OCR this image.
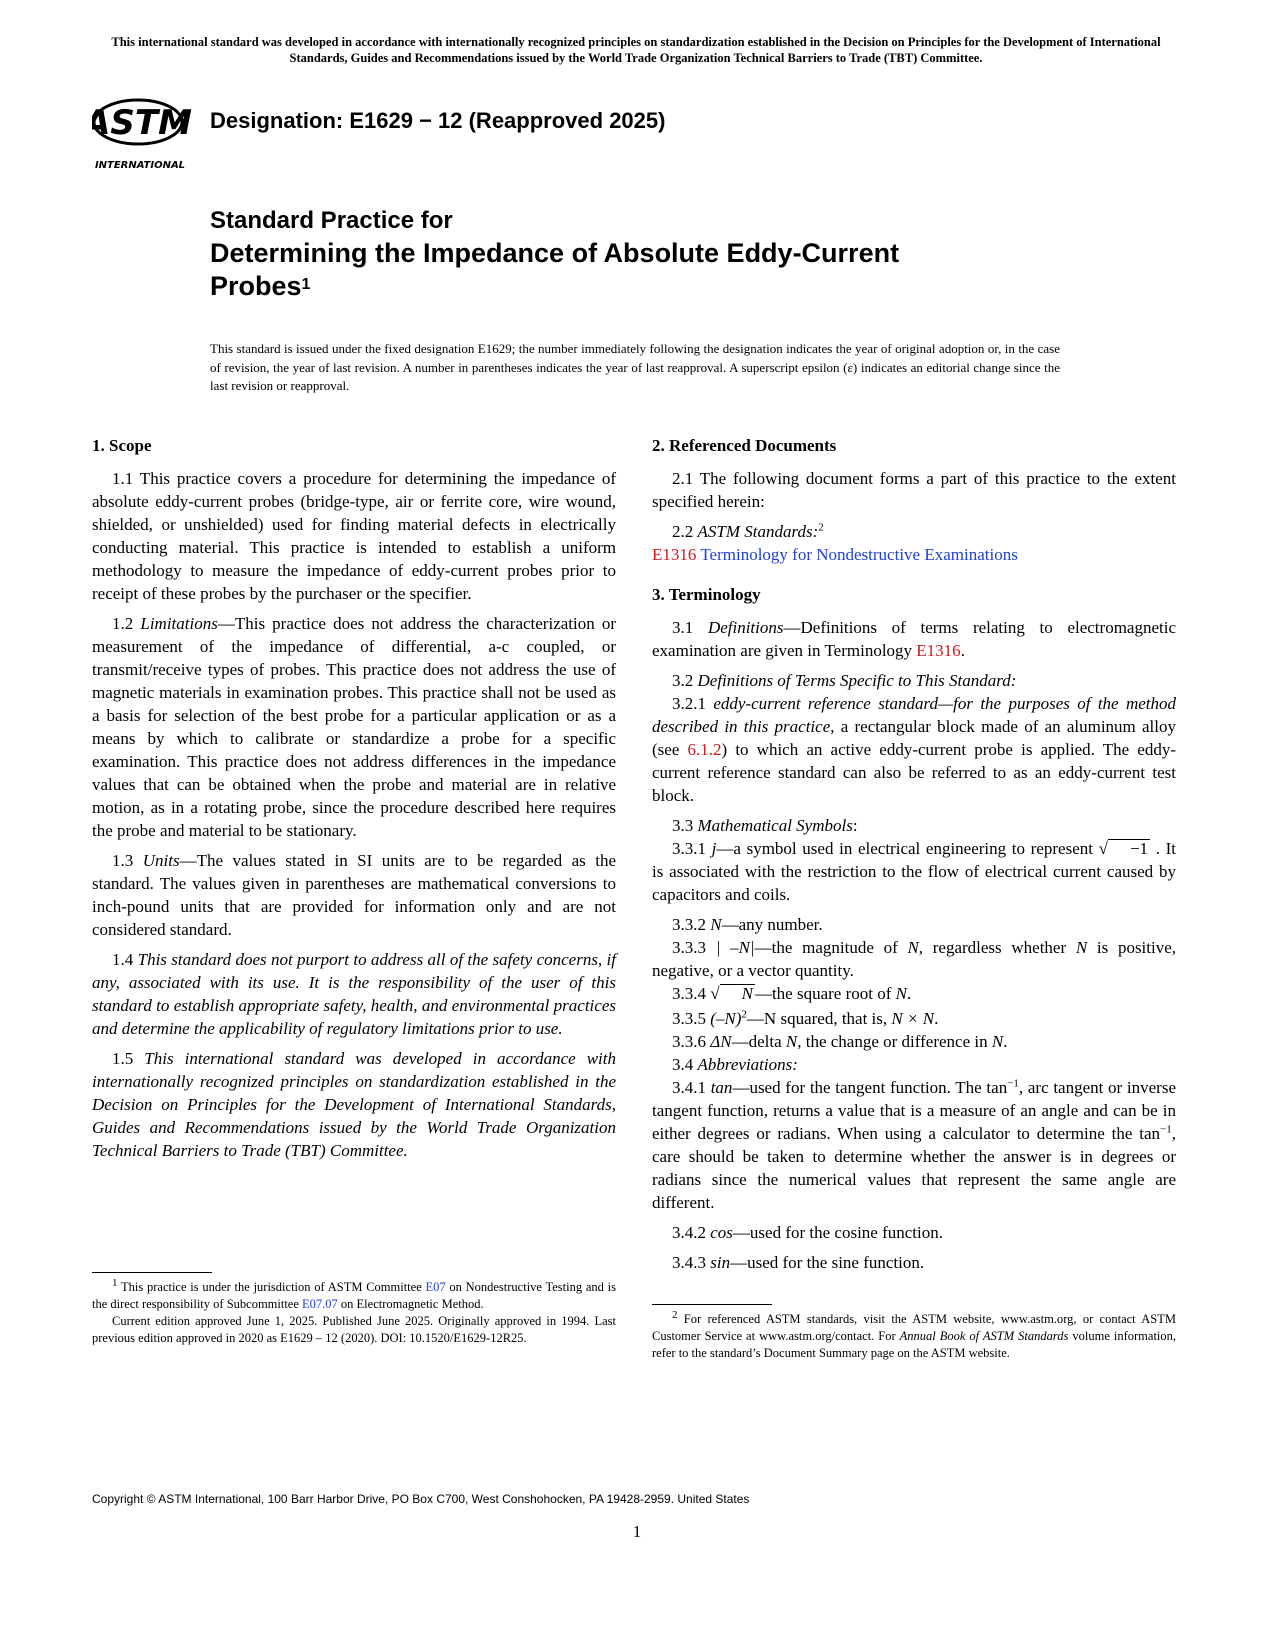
This international standard was developed in accordance with internationally recognized principles on standardization established in the Decision on Principles for the Development of International Standards, Guides and Recommendations issued by the World Trade Organization Technical Barriers to Trade (TBT) Committee.
ASTM
INTERNATIONAL
Designation: E1629 − 12 (Reapproved 2025)
Standard Practice for
Determining the Impedance of Absolute Eddy-Current
Probes$^1$
This standard is issued under the fixed designation E1629; the number immediately following the designation indicates the year of original adoption or, in the case of revision, the year of last revision. A number in parentheses indicates the year of last reapproval. A superscript epsilon (ε) indicates an editorial change since the last revision or reapproval.
1. Scope

1.1 This practice covers a procedure for determining the impedance of absolute eddy-current probes (bridge-type, air or ferrite core, wire wound, shielded, or unshielded) used for finding material defects in electrically conducting material. This practice is intended to establish a uniform methodology to measure the impedance of eddy-current probes prior to receipt of these probes by the purchaser or the specifier.

1.2 Limitations—This practice does not address the characterization or measurement of the impedance of differential, a-c coupled, or transmit/receive types of probes. This practice does not address the use of magnetic materials in examination probes. This practice shall not be used as a basis for selection of the best probe for a particular application or as a means by which to calibrate or standardize a probe for a specific examination. This practice does not address differences in the impedance values that can be obtained when the probe and material are in relative motion, as in a rotating probe, since the procedure described here requires the probe and material to be stationary.

1.3 Units—The values stated in SI units are to be regarded as the standard. The values given in parentheses are mathematical conversions to inch-pound units that are provided for information only and are not considered standard.

1.4 This standard does not purport to address all of the safety concerns, if any, associated with its use. It is the responsibility of the user of this standard to establish appropriate safety, health, and environmental practices and determine the applicability of regulatory limitations prior to use.

1.5 This international standard was developed in accordance with internationally recognized principles on standardization established in the Decision on Principles for the Development of International Standards, Guides and Recommendations issued by the World Trade Organization Technical Barriers to Trade (TBT) Committee.

2. Referenced Documents

2.1 The following document forms a part of this practice to the extent specified herein:

2.2 ASTM Standards:$^2$

E1316 Terminology for Nondestructive Examinations

3. Terminology

3.1 Definitions—Definitions of terms relating to electromagnetic examination are given in Terminology E1316.

3.2 Definitions of Terms Specific to This Standard:

3.2.1 eddy-current reference standard—for the purposes of the method described in this practice, a rectangular block made of an aluminum alloy (see 6.1.2) to which an active eddy-current probe is applied. The eddy-current reference standard can also be referred to as an eddy-current test block.

3.3 Mathematical Symbols:

3.3.1 j—a symbol used in electrical engineering to represent √ −1 . It is associated with the restriction to the flow of electrical current caused by capacitors and coils.

3.3.2 N—any number.

3.3.3 | –N|—the magnitude of N, regardless whether N is positive, negative, or a vector quantity.

3.3.4 √ N —the square root of N.

3.3.5 $(-N)^2—N$ squared, that is, N × N.

3.3.6 ΔN—delta N, the change or difference in N.

3.4 Abbreviations:

3.4.1 tan—used for the tangent function. The $\tan^{-1}$, arc tangent or inverse tangent function, returns a value that is a measure of an angle and can be in either degrees or radians. When using a calculator to determine the $\tan^{-1}$, care should be taken to determine whether the answer is in degrees or radians since the numerical values that represent the same angle are different.

3.4.2 cos—used for the cosine function.

3.4.3 sin—used for the sine function.

$^1$ This practice is under the jurisdiction of ASTM Committee E07 on Nondestructive Testing and is the direct responsibility of Subcommittee E07.07 on Electromagnetic Method.

Current edition approved June 1, 2025. Published June 2025. Originally approved in 1994. Last previous edition approved in 2020 as E1629 – 12 (2020). DOI: 10.1520/E1629-12R25.

$^2$ For referenced ASTM standards, visit the ASTM website, www.astm.org, or contact ASTM Customer Service at www.astm.org/contact. For Annual Book of ASTM Standards volume information, refer to the standard’s Document Summary page on the ASTM website.

Copyright © ASTM International, 100 Barr Harbor Drive, PO Box C700, West Conshohocken, PA 19428-2959. United States
1
